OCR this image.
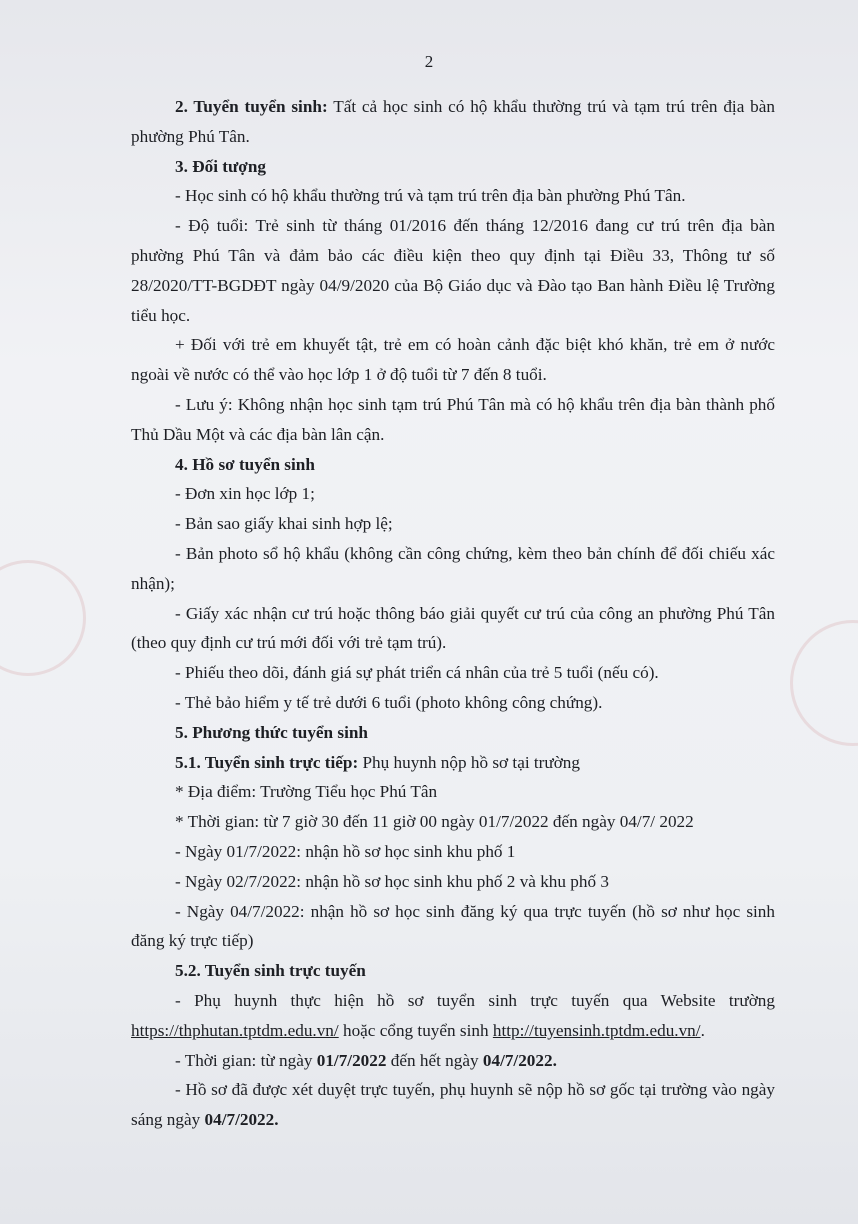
2

2. Tuyển tuyển sinh: Tất cả học sinh có hộ khẩu thường trú và tạm trú trên địa bàn phường Phú Tân.

3. Đối tượng

- Học sinh có hộ khẩu thường trú và tạm trú trên địa bàn phường Phú Tân.

- Độ tuổi: Trẻ sinh từ tháng 01/2016 đến tháng 12/2016 đang cư trú trên địa bàn phường Phú Tân và đảm bảo các điều kiện theo quy định tại Điều 33, Thông tư số 28/2020/TT-BGDĐT ngày 04/9/2020 của Bộ Giáo dục và Đào tạo Ban hành Điều lệ Trường tiểu học.

+ Đối với trẻ em khuyết tật, trẻ em có hoàn cảnh đặc biệt khó khăn, trẻ em ở nước ngoài về nước có thể vào học lớp 1 ở độ tuổi từ 7 đến 8 tuổi.

- Lưu ý: Không nhận học sinh tạm trú Phú Tân mà có hộ khẩu trên địa bàn thành phố Thủ Dầu Một và các địa bàn lân cận.

4. Hồ sơ tuyển sinh

- Đơn xin học lớp 1;

- Bản sao giấy khai sinh hợp lệ;

- Bản photo sổ hộ khẩu (không cần công chứng, kèm theo bản chính để đối chiếu xác nhận);

- Giấy xác nhận cư trú hoặc thông báo giải quyết cư trú của công an phường Phú Tân (theo quy định cư trú mới đối với trẻ tạm trú).

- Phiếu theo dõi, đánh giá sự phát triển cá nhân của trẻ 5 tuổi (nếu có).

- Thẻ bảo hiểm y tế trẻ dưới 6 tuổi (photo không công chứng).

5. Phương thức tuyển sinh

5.1. Tuyển sinh trực tiếp: Phụ huynh nộp hồ sơ tại trường

* Địa điểm: Trường Tiểu học Phú Tân

* Thời gian: từ 7 giờ 30 đến 11 giờ 00 ngày 01/7/2022 đến ngày 04/7/ 2022

- Ngày 01/7/2022: nhận hồ sơ học sinh khu phố 1

- Ngày 02/7/2022: nhận hồ sơ học sinh khu phố 2 và khu phố 3

- Ngày 04/7/2022: nhận hồ sơ học sinh đăng ký qua trực tuyến (hồ sơ như học sinh đăng ký trực tiếp)

5.2. Tuyển sinh trực tuyến

- Phụ huynh thực hiện hồ sơ tuyển sinh trực tuyến qua Website trường https://thphutan.tptdm.edu.vn/ hoặc cổng tuyển sinh http://tuyensinh.tptdm.edu.vn/.

- Thời gian: từ ngày 01/7/2022 đến hết ngày 04/7/2022.

- Hồ sơ đã được xét duyệt trực tuyến, phụ huynh sẽ nộp hồ sơ gốc tại trường vào ngày sáng ngày 04/7/2022.
